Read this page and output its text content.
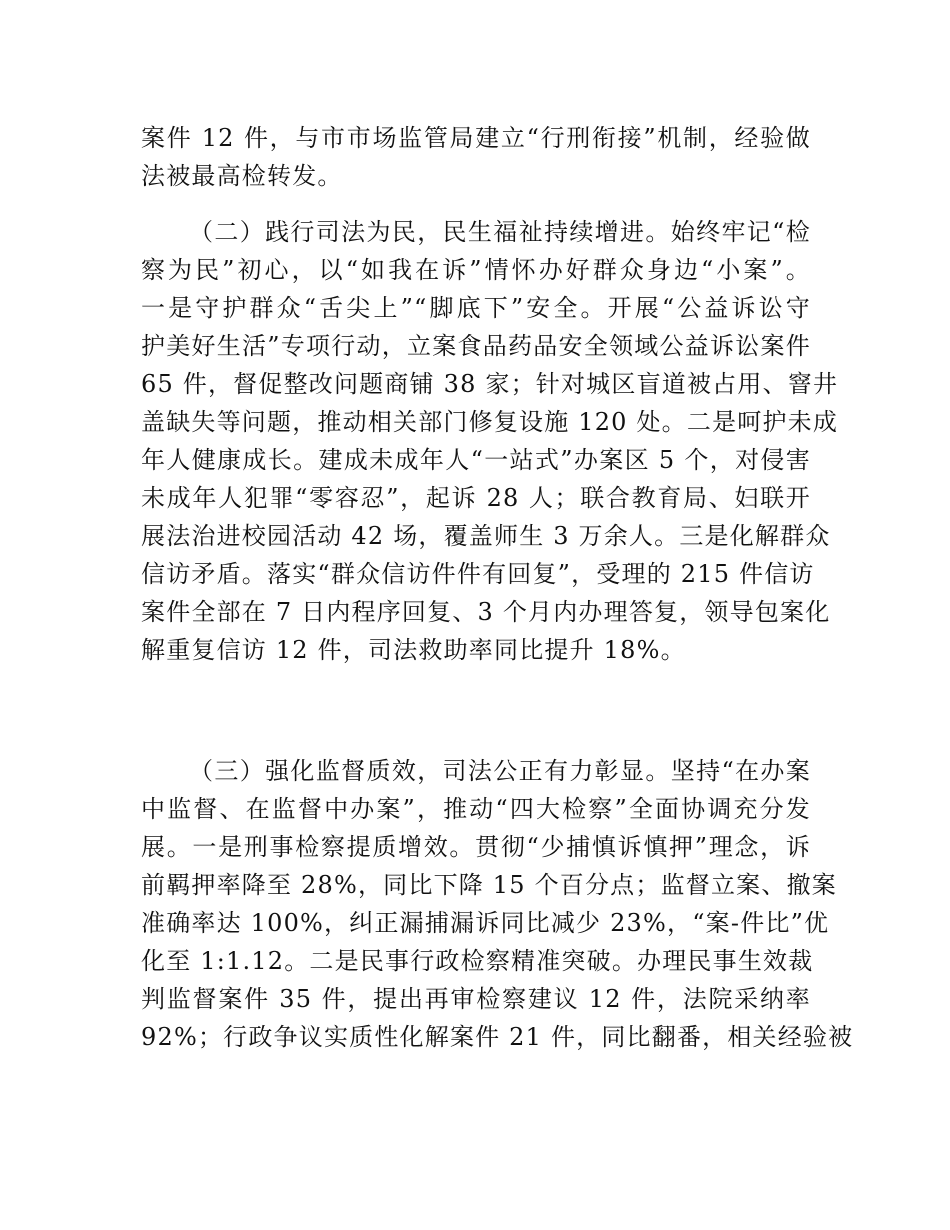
案件 12 件，与市市场监管局建立“行刑衔接”机制，经验做
法被最高检转发。
（二）践行司法为民，民生福祉持续增进。始终牢记“检
察为民”初心，以“如我在诉”情怀办好群众身边“小案”。
一是守护群众“舌尖上”“脚底下”安全。开展“公益诉讼守
护美好生活”专项行动，立案食品药品安全领域公益诉讼案件
65 件，督促整改问题商铺 38 家；针对城区盲道被占用、窨井
盖缺失等问题，推动相关部门修复设施 120 处。二是呵护未成
年人健康成长。建成未成年人“一站式”办案区 5 个，对侵害
未成年人犯罪“零容忍”，起诉 28 人；联合教育局、妇联开
展法治进校园活动 42 场，覆盖师生 3 万余人。三是化解群众
信访矛盾。落实“群众信访件件有回复”，受理的 215 件信访
案件全部在 7 日内程序回复、3 个月内办理答复，领导包案化
解重复信访 12 件，司法救助率同比提升 18%。
（三）强化监督质效，司法公正有力彰显。坚持“在办案
中监督、在监督中办案”，推动“四大检察”全面协调充分发
展。一是刑事检察提质增效。贯彻“少捕慎诉慎押”理念，诉
前羁押率降至 28%，同比下降 15 个百分点；监督立案、撤案
准确率达 100%，纠正漏捕漏诉同比减少 23%，“案-件比”优
化至 1:1.12。二是民事行政检察精准突破。办理民事生效裁
判监督案件 35 件，提出再审检察建议 12 件，法院采纳率
92%；行政争议实质性化解案件 21 件，同比翻番，相关经验被
